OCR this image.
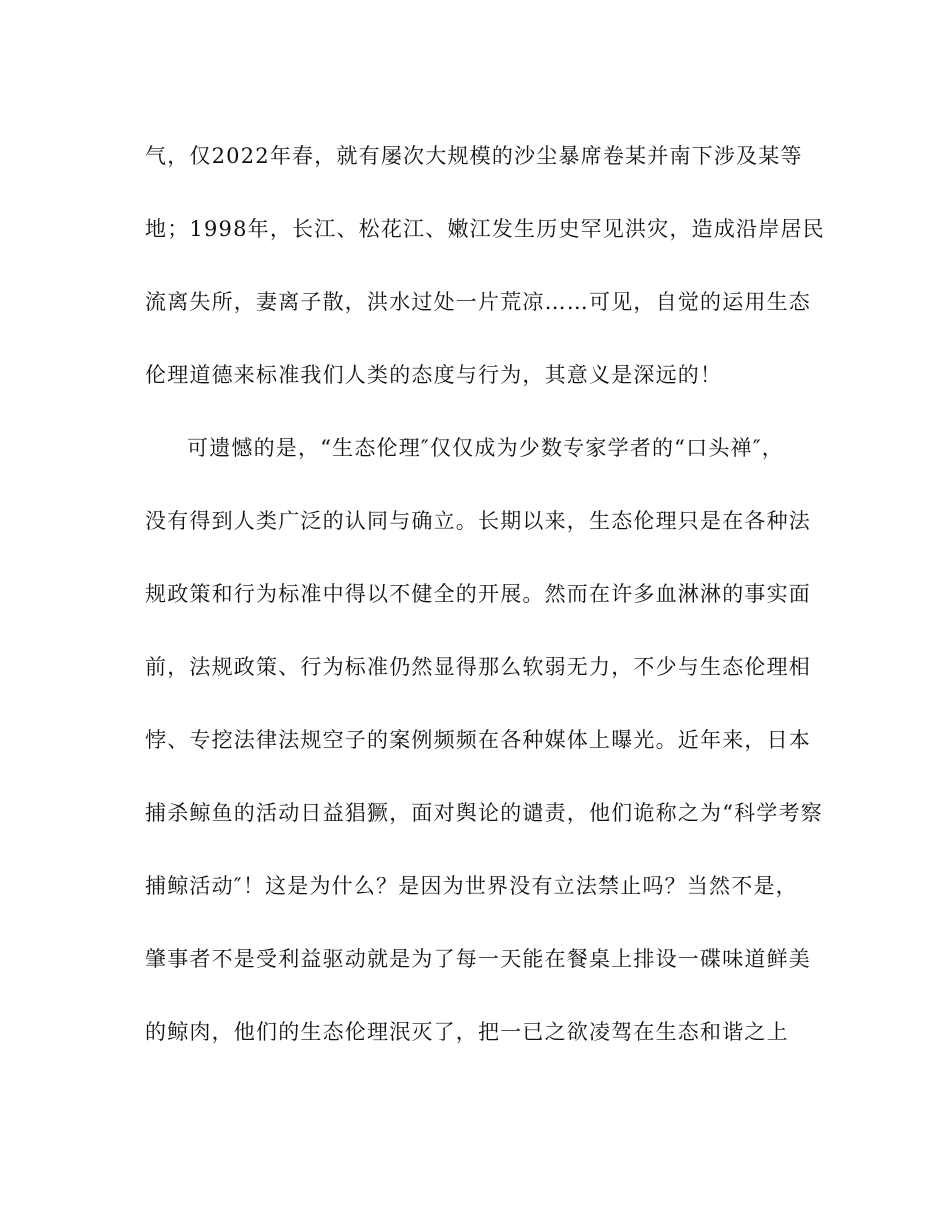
气，仅2022年春，就有屡次大规模的沙尘暴席卷某并南下涉及某等
地；1998年，长江、松花江、嫩江发生历史罕见洪灾，造成沿岸居民
流离失所，妻离子散，洪水过处一片荒凉……可见，自觉的运用生态
伦理道德来标准我们人类的态度与行为，其意义是深远的！
可遗憾的是，“生态伦理″仅仅成为少数专家学者的“口头禅″，
没有得到人类广泛的认同与确立。长期以来，生态伦理只是在各种法
规政策和行为标准中得以不健全的开展。然而在许多血淋淋的事实面
前，法规政策、行为标准仍然显得那么软弱无力，不少与生态伦理相
悖、专挖法律法规空子的案例频频在各种媒体上曝光。近年来，日本
捕杀鲸鱼的活动日益猖獗，面对舆论的谴责，他们诡称之为“科学考察
捕鲸活动″！这是为什么？是因为世界没有立法禁止吗？当然不是，
肇事者不是受利益驱动就是为了每一天能在餐桌上排设一碟味道鲜美
的鲸肉，他们的生态伦理泯灭了，把一已之欲凌驾在生态和谐之上
